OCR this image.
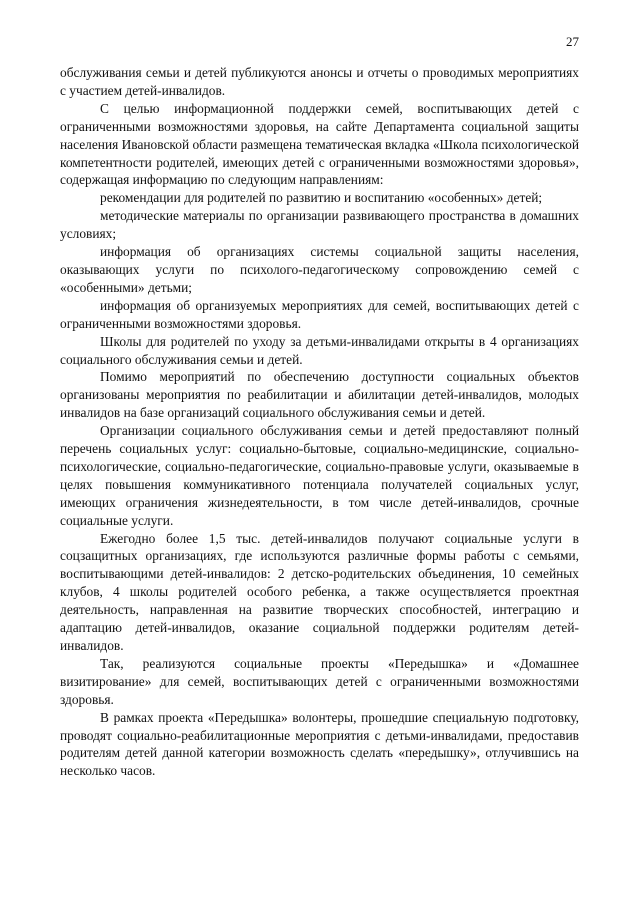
27

обслуживания семьи и детей публикуются анонсы и отчеты о проводимых мероприятиях с участием детей-инвалидов.

С целью информационной поддержки семей, воспитывающих детей с ограниченными возможностями здоровья, на сайте Департамента социальной защиты населения Ивановской области размещена тематическая вкладка «Школа психологической компетентности родителей, имеющих детей с ограниченными возможностями здоровья», содержащая информацию по следующим направлениям:

рекомендации для родителей по развитию и воспитанию «особенных» детей;

методические материалы по организации развивающего пространства в домашних условиях;

информация об организациях системы социальной защиты населения, оказывающих услуги по психолого-педагогическому сопровождению семей с «особенными» детьми;

информация об организуемых мероприятиях для семей, воспитывающих детей с ограниченными возможностями здоровья.

Школы для родителей по уходу за детьми-инвалидами открыты в 4 организациях социального обслуживания семьи и детей.

Помимо мероприятий по обеспечению доступности социальных объектов организованы мероприятия по реабилитации и абилитации детей-инвалидов, молодых инвалидов на базе организаций социального обслуживания семьи и детей.

Организации социального обслуживания семьи и детей предоставляют полный перечень социальных услуг: социально-бытовые, социально-медицинские, социально-психологические, социально-педагогические, социально-правовые услуги, оказываемые в целях повышения коммуникативного потенциала получателей социальных услуг, имеющих ограничения жизнедеятельности, в том числе детей-инвалидов, срочные социальные услуги.

Ежегодно более 1,5 тыс. детей-инвалидов получают социальные услуги в соцзащитных организациях, где используются различные формы работы с семьями, воспитывающими детей-инвалидов: 2 детско-родительских объединения, 10 семейных клубов, 4 школы родителей особого ребенка, а также осуществляется проектная деятельность, направленная на развитие творческих способностей, интеграцию и адаптацию детей-инвалидов, оказание социальной поддержки родителям детей-инвалидов.

Так, реализуются социальные проекты «Передышка» и «Домашнее визитирование» для семей, воспитывающих детей с ограниченными возможностями здоровья.

В рамках проекта «Передышка» волонтеры, прошедшие специальную подготовку, проводят социально-реабилитационные мероприятия с детьми-инвалидами, предоставив родителям детей данной категории возможность сделать «передышку», отлучившись на несколько часов.
